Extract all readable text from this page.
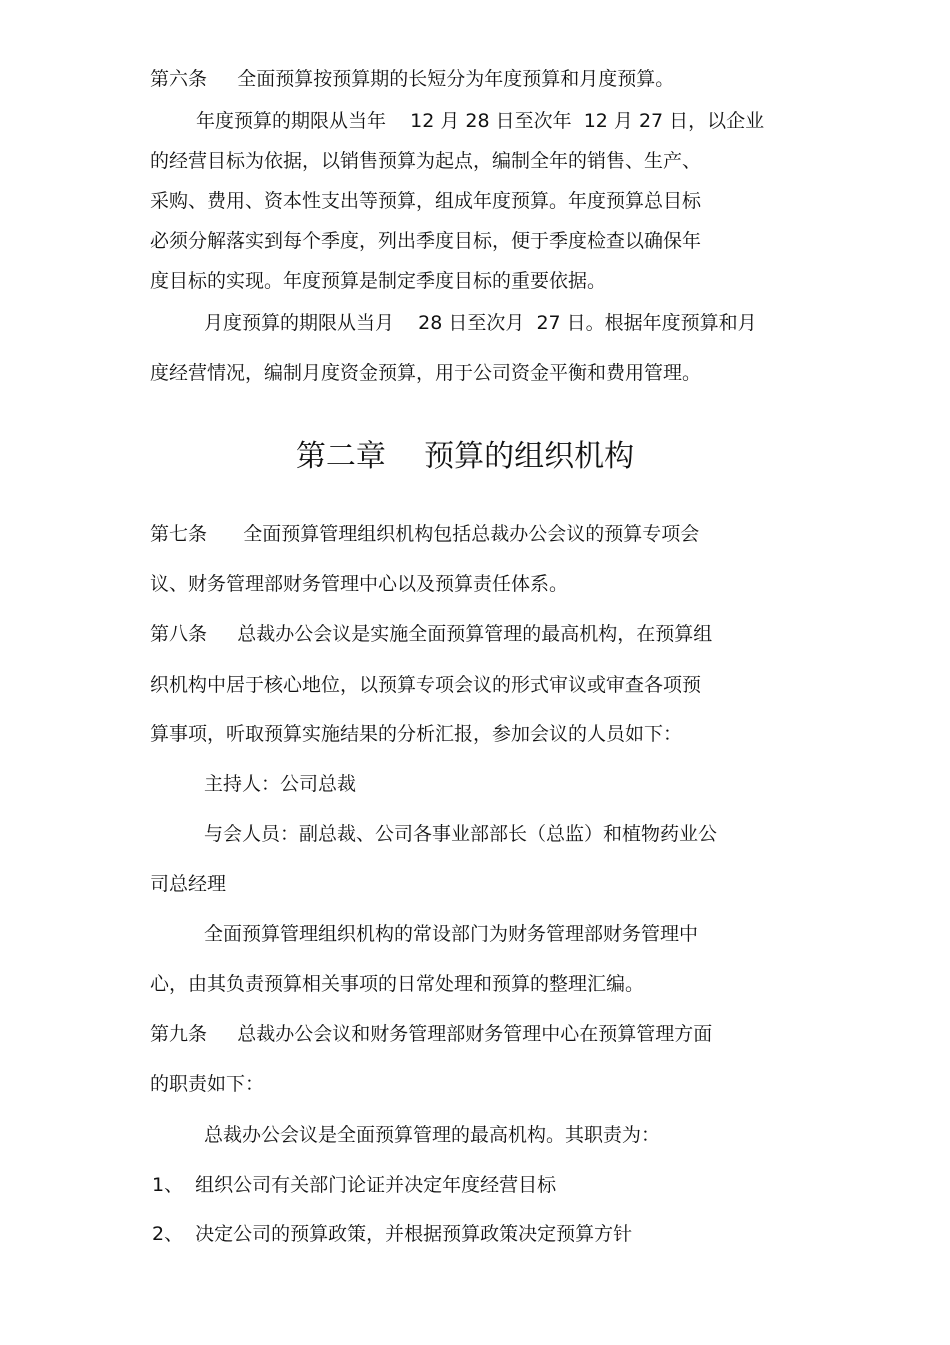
第六条     全面预算按预算期的长短分为年度预算和月度预算。
年度预算的期限从当年    12 月 28 日至次年  12 月 27 日，以企业
的经营目标为依据，以销售预算为起点，编制全年的销售、生产、
采购、费用、资本性支出等预算，组成年度预算。年度预算总目标
必须分解落实到每个季度，列出季度目标，便于季度检查以确保年
度目标的实现。年度预算是制定季度目标的重要依据。
月度预算的期限从当月    28 日至次月  27 日。根据年度预算和月
度经营情况，编制月度资金预算，用于公司资金平衡和费用管理。
第二章    预算的组织机构
第七条      全面预算管理组织机构包括总裁办公会议的预算专项会
议、财务管理部财务管理中心以及预算责任体系。
第八条     总裁办公会议是实施全面预算管理的最高机构，在预算组
织机构中居于核心地位，以预算专项会议的形式审议或审查各项预
算事项，听取预算实施结果的分析汇报，参加会议的人员如下：
主持人：公司总裁
与会人员：副总裁、公司各事业部部长（总监）和植物药业公
司总经理
全面预算管理组织机构的常设部门为财务管理部财务管理中
心，由其负责预算相关事项的日常处理和预算的整理汇编。
第九条     总裁办公会议和财务管理部财务管理中心在预算管理方面
的职责如下：
总裁办公会议是全面预算管理的最高机构。其职责为：
1、  组织公司有关部门论证并决定年度经营目标
2、  决定公司的预算政策，并根据预算政策决定预算方针
